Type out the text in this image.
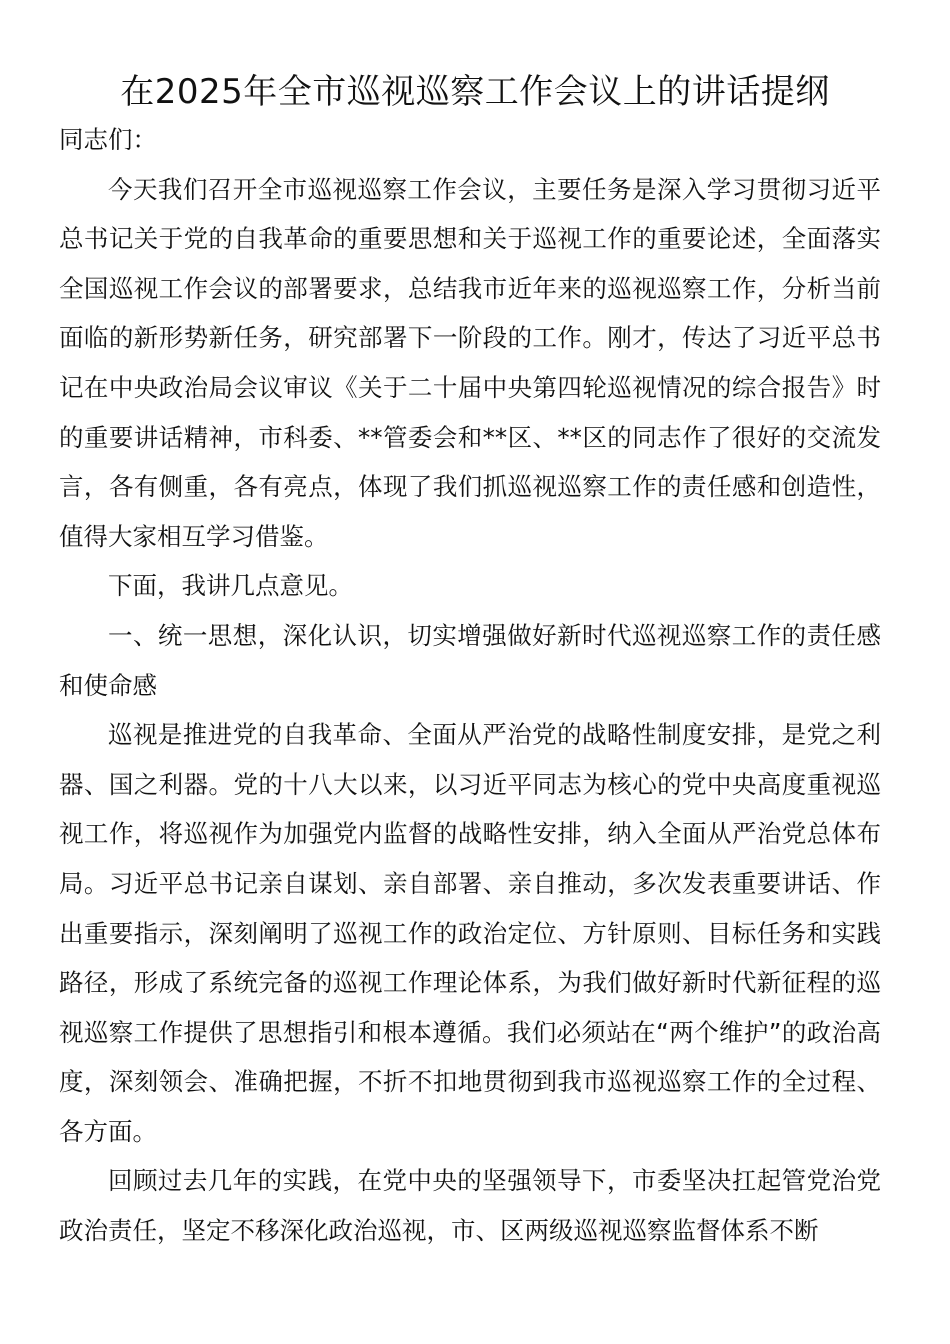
在2025年全市巡视巡察工作会议上的讲话提纲

同志们：

今天我们召开全市巡视巡察工作会议，主要任务是深入学习贯彻习近平总书记关于党的自我革命的重要思想和关于巡视工作的重要论述，全面落实全国巡视工作会议的部署要求，总结我市近年来的巡视巡察工作，分析当前面临的新形势新任务，研究部署下一阶段的工作。刚才，传达了习近平总书记在中央政治局会议审议《关于二十届中央第四轮巡视情况的综合报告》时的重要讲话精神，市科委、**管委会和**区、**区的同志作了很好的交流发言，各有侧重，各有亮点，体现了我们抓巡视巡察工作的责任感和创造性，值得大家相互学习借鉴。

下面，我讲几点意见。

一、统一思想，深化认识，切实增强做好新时代巡视巡察工作的责任感和使命感

巡视是推进党的自我革命、全面从严治党的战略性制度安排，是党之利器、国之利器。党的十八大以来，以习近平同志为核心的党中央高度重视巡视工作，将巡视作为加强党内监督的战略性安排，纳入全面从严治党总体布局。习近平总书记亲自谋划、亲自部署、亲自推动，多次发表重要讲话、作出重要指示，深刻阐明了巡视工作的政治定位、方针原则、目标任务和实践路径，形成了系统完备的巡视工作理论体系，为我们做好新时代新征程的巡视巡察工作提供了思想指引和根本遵循。我们必须站在“两个维护”的政治高度，深刻领会、准确把握，不折不扣地贯彻到我市巡视巡察工作的全过程、各方面。

回顾过去几年的实践，在党中央的坚强领导下，市委坚决扛起管党治党政治责任，坚定不移深化政治巡视，市、区两级巡视巡察监督体系不断
